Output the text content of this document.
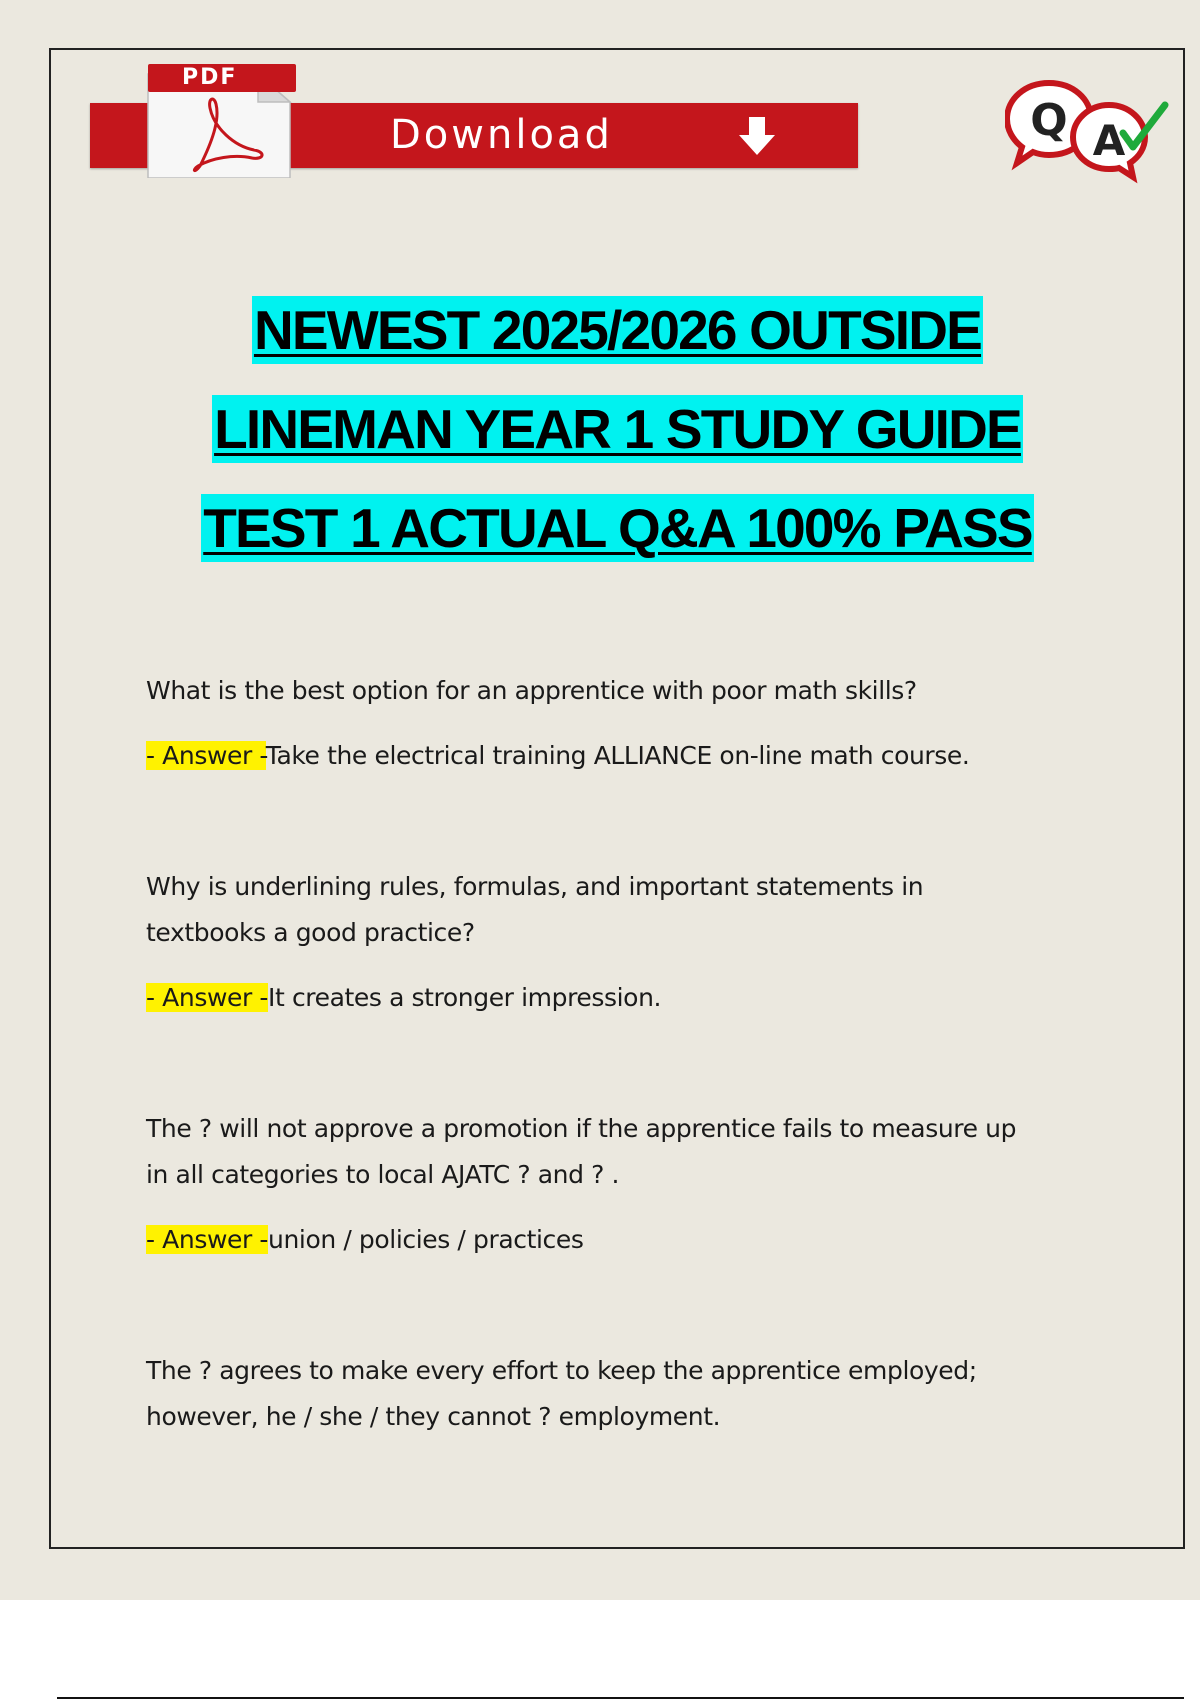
PDF
Download	Q A
NEWEST 2025/2026 OUTSIDE
LINEMAN YEAR 1 STUDY GUIDE
TEST 1 ACTUAL Q&A 100% PASS
What is the best option for an apprentice with poor math skills?
- Answer -Take the electrical training ALLIANCE on-line math course.
Why is underlining rules, formulas, and important statements in
textbooks a good practice?
- Answer -It creates a stronger impression.
The ? will not approve a promotion if the apprentice fails to measure up
in all categories to local AJATC ? and ? .
- Answer -union / policies / practices
The ? agrees to make every effort to keep the apprentice employed;
however, he / she / they cannot ? employment.
